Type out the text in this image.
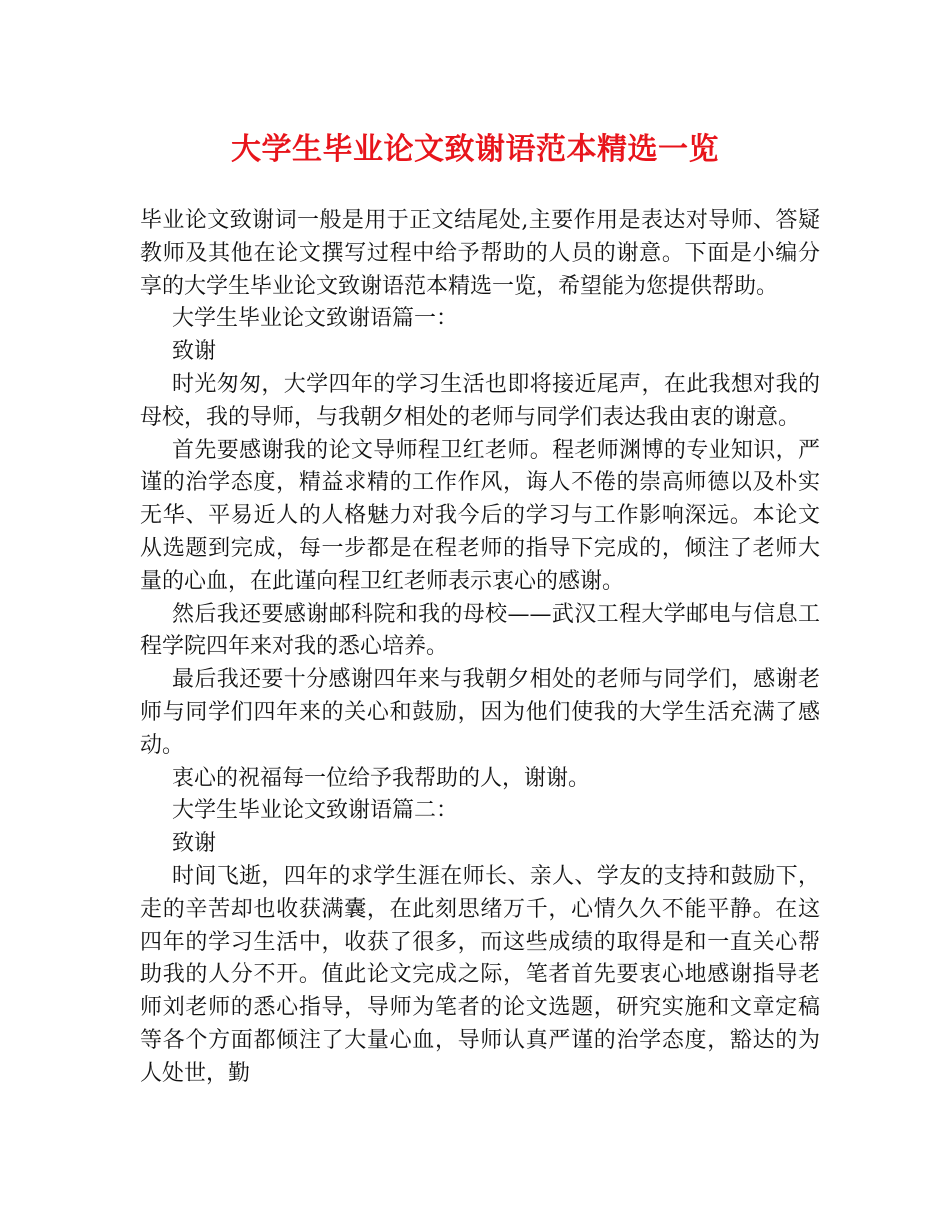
大学生毕业论文致谢语范本精选一览

毕业论文致谢词一般是用于正文结尾处,主要作用是表达对导师、答疑教师及其他在论文撰写过程中给予帮助的人员的谢意。下面是小编分享的大学生毕业论文致谢语范本精选一览，希望能为您提供帮助。

大学生毕业论文致谢语篇一：

致谢

时光匆匆，大学四年的学习生活也即将接近尾声，在此我想对我的母校，我的导师，与我朝夕相处的老师与同学们表达我由衷的谢意。

首先要感谢我的论文导师程卫红老师。程老师渊博的专业知识，严谨的治学态度，精益求精的工作作风，诲人不倦的崇高师德以及朴实无华、平易近人的人格魅力对我今后的学习与工作影响深远。本论文从选题到完成，每一步都是在程老师的指导下完成的，倾注了老师大量的心血，在此谨向程卫红老师表示衷心的感谢。

然后我还要感谢邮科院和我的母校——武汉工程大学邮电与信息工程学院四年来对我的悉心培养。

最后我还要十分感谢四年来与我朝夕相处的老师与同学们，感谢老师与同学们四年来的关心和鼓励，因为他们使我的大学生活充满了感动。

衷心的祝福每一位给予我帮助的人，谢谢。

大学生毕业论文致谢语篇二：

致谢

时间飞逝，四年的求学生涯在师长、亲人、学友的支持和鼓励下，走的辛苦却也收获满囊，在此刻思绪万千，心情久久不能平静。在这四年的学习生活中，收获了很多，而这些成绩的取得是和一直关心帮助我的人分不开。值此论文完成之际，笔者首先要衷心地感谢指导老师刘老师的悉心指导，导师为笔者的论文选题，研究实施和文章定稿等各个方面都倾注了大量心血，导师认真严谨的治学态度，豁达的为人处世，勤
